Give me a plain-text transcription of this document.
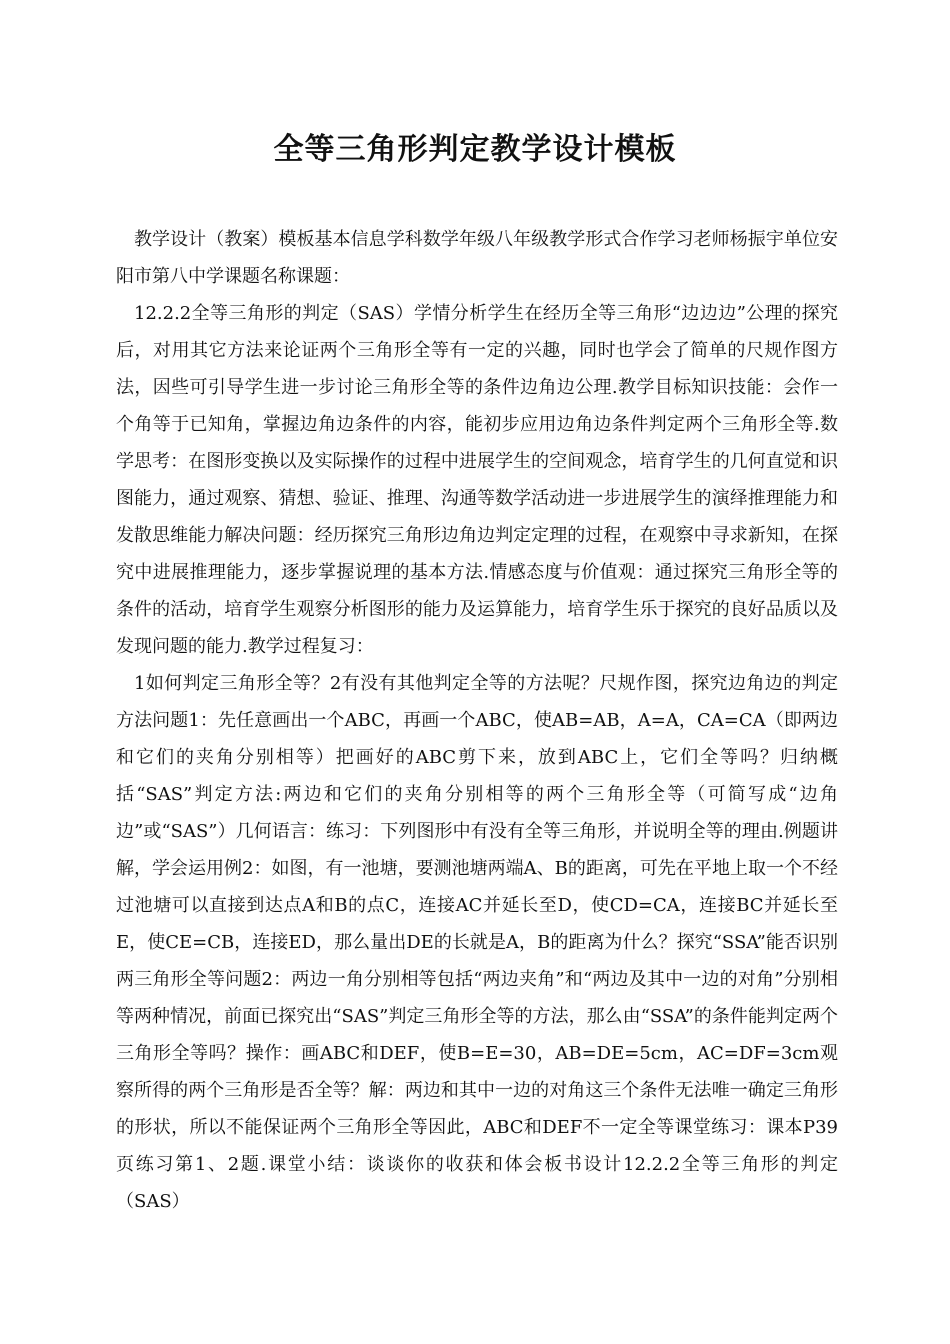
全等三角形判定教学设计模板

教学设计（教案）模板基本信息学科数学年级八年级教学形式合作学习老师杨振宇单位安阳市第八中学课题名称课题：

12.2.2全等三角形的判定（SAS）学情分析学生在经历全等三角形“边边边”公理的探究后，对用其它方法来论证两个三角形全等有一定的兴趣，同时也学会了简单的尺规作图方法，因些可引导学生进一步讨论三角形全等的条件边角边公理.教学目标知识技能：会作一个角等于已知角，掌握边角边条件的内容，能初步应用边角边条件判定两个三角形全等.数学思考：在图形变换以及实际操作的过程中进展学生的空间观念，培育学生的几何直觉和识图能力，通过观察、猜想、验证、推理、沟通等数学活动进一步进展学生的演绎推理能力和发散思维能力解决问题：经历探究三角形边角边判定定理的过程，在观察中寻求新知，在探究中进展推理能力，逐步掌握说理的基本方法.情感态度与价值观：通过探究三角形全等的条件的活动，培育学生观察分析图形的能力及运算能力，培育学生乐于探究的良好品质以及发现问题的能力.教学过程复习：

1如何判定三角形全等？2有没有其他判定全等的方法呢？尺规作图，探究边角边的判定方法问题1：先任意画出一个ABC，再画一个ABC，使AB=AB，A=A，CA=CA（即两边和它们的夹角分别相等）把画好的ABC剪下来，放到ABC上，它们全等吗？归纳概括“SAS”判定方法:两边和它们的夹角分别相等的两个三角形全等（可简写成“边角边”或“SAS”）几何语言：练习：下列图形中有没有全等三角形，并说明全等的理由.例题讲解，学会运用例2：如图，有一池塘，要测池塘两端A、B的距离，可先在平地上取一个不经过池塘可以直接到达点A和B的点C，连接AC并延长至D，使CD=CA，连接BC并延长至E，使CE=CB，连接ED，那么量出DE的长就是A，B的距离为什么？探究“SSA”能否识别两三角形全等问题2：两边一角分别相等包括“两边夹角”和“两边及其中一边的对角”分别相等两种情况，前面已探究出“SAS”判定三角形全等的方法，那么由“SSA”的条件能判定两个三角形全等吗？操作：画ABC和DEF，使B=E=30，AB=DE=5cm，AC=DF=3cm观察所得的两个三角形是否全等？解：两边和其中一边的对角这三个条件无法唯一确定三角形的形状，所以不能保证两个三角形全等因此，ABC和DEF不一定全等课堂练习：课本P39页练习第1、2题.课堂小结：谈谈你的收获和体会板书设计12.2.2全等三角形的判定（SAS）
